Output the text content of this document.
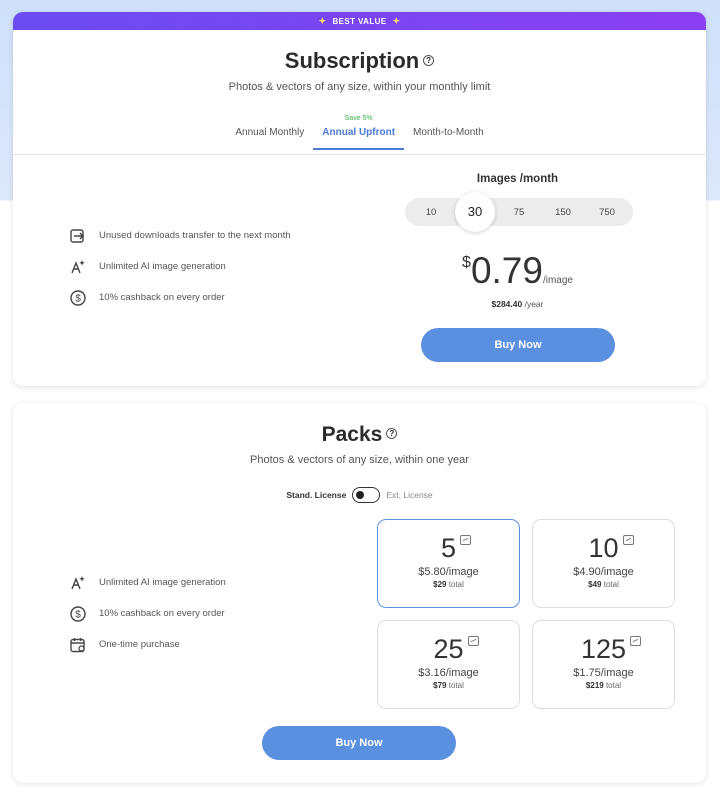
✦ BEST VALUE ✦
Subscription ?
Photos & vectors of any size, within your monthly limit
Annual Monthly
Save 5%
Annual Upfront	Month-to-Month
Unused downloads transfer to the next month
Unlimited AI image generation
$ 10% cashback on every order
Images /month
10	30	75	150	750
$0.79/image
$284.40 /year
Buy Now
Packs ?
Photos & vectors of any size, within one year
Stand. License	Ext. License
Unlimited AI image generation
$ 10% cashback on every order
One-time purchase
5
$5.80/image
$29 total
10
$4.90/image
$49 total
25
$3.16/image
$79 total
125
$1.75/image
$219 total
Buy Now
